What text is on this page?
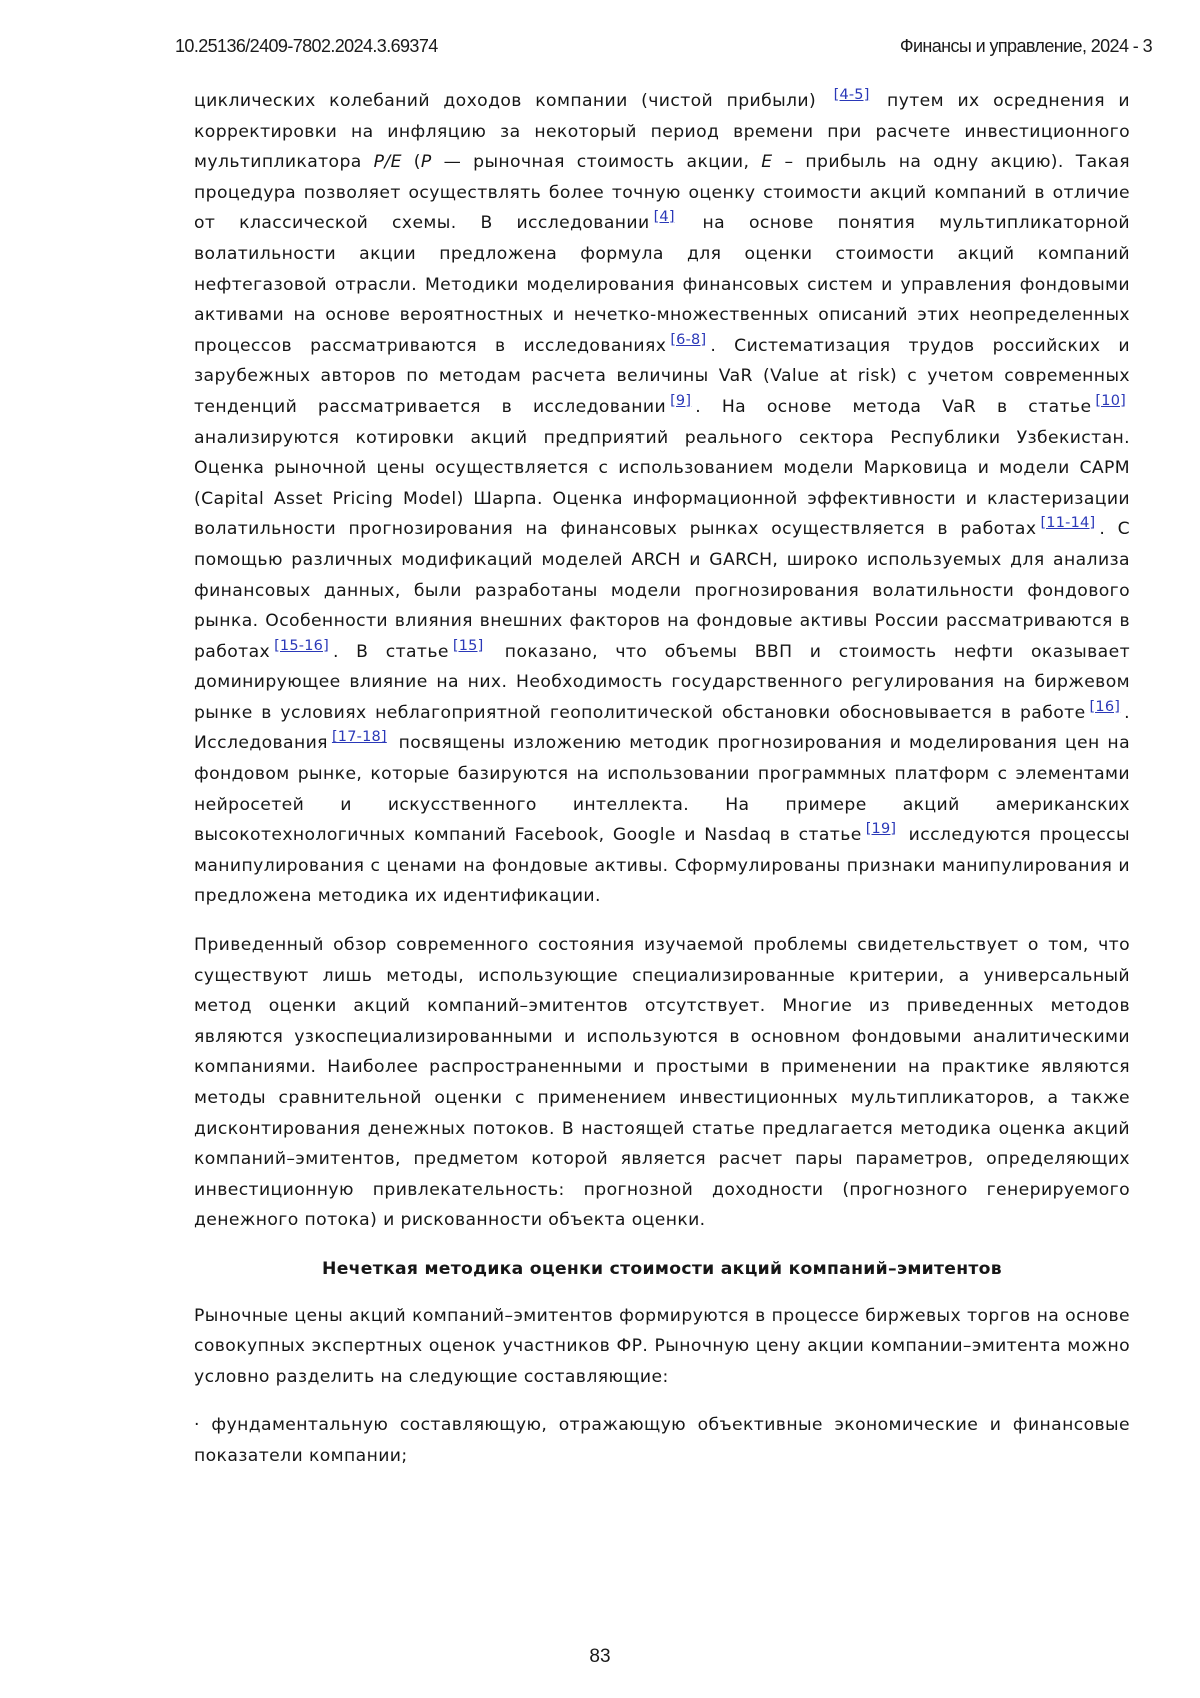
10.25136/2409-7802.2024.3.69374	Финансы и управление, 2024 - 3

циклических колебаний доходов компании (чистой прибыли) [4-5] путем их осреднения и корректировки на инфляцию за некоторый период времени при расчете инвестиционного мультипликатора P/E (P — рыночная стоимость акции, E – прибыль на одну акцию). Такая процедура позволяет осуществлять более точную оценку стоимости акций компаний в отличие от классической схемы. В исследовании [4] на основе понятия мультипликаторной волатильности акции предложена формула для оценки стоимости акций компаний нефтегазовой отрасли. Методики моделирования финансовых систем и управления фондовыми активами на основе вероятностных и нечетко-множественных описаний этих неопределенных процессов рассматриваются в исследованиях [6-8] . Систематизация трудов российских и зарубежных авторов по методам расчета величины VaR (Value at risk) с учетом современных тенденций рассматривается в исследовании [9] . На основе метода VaR в статье [10] анализируются котировки акций предприятий реального сектора Республики Узбекистан. Оценка рыночной цены осуществляется с использованием модели Марковица и модели CAPM (Capital Asset Pricing Model) Шарпа. Оценка информационной эффективности и кластеризации волатильности прогнозирования на финансовых рынках осуществляется в работах [11-14] . С помощью различных модификаций моделей ARCH и GARCH, широко используемых для анализа финансовых данных, были разработаны модели прогнозирования волатильности фондового рынка. Особенности влияния внешних факторов на фондовые активы России рассматриваются в работах [15-16] . В статье [15] показано, что объемы ВВП и стоимость нефти оказывает доминирующее влияние на них. Необходимость государственного регулирования на биржевом рынке в условиях неблагоприятной геополитической обстановки обосновывается в работе [16] . Исследования [17-18] посвящены изложению методик прогнозирования и моделирования цен на фондовом рынке, которые базируются на использовании программных платформ с элементами нейросетей и искусственного интеллекта. На примере акций американских высокотехнологичных компаний Facebook, Google и Nasdaq в статье [19] исследуются процессы манипулирования с ценами на фондовые активы. Сформулированы признаки манипулирования и предложена методика их идентификации.

Приведенный обзор современного состояния изучаемой проблемы свидетельствует о том, что существуют лишь методы, использующие специализированные критерии, а универсальный метод оценки акций компаний–эмитентов отсутствует. Многие из приведенных методов являются узкоспециализированными и используются в основном фондовыми аналитическими компаниями. Наиболее распространенными и простыми в применении на практике являются методы сравнительной оценки с применением инвестиционных мультипликаторов, а также дисконтирования денежных потоков. В настоящей статье предлагается методика оценка акций компаний–эмитентов, предметом которой является расчет пары параметров, определяющих инвестиционную привлекательность: прогнозной доходности (прогнозного генерируемого денежного потока) и рискованности объекта оценки.

Нечеткая методика оценки стоимости акций компаний–эмитентов

Рыночные цены акций компаний–эмитентов формируются в процессе биржевых торгов на основе совокупных экспертных оценок участников ФР. Рыночную цену акции компании–эмитента можно условно разделить на следующие составляющие:

· фундаментальную составляющую, отражающую объективные экономические и финансовые показатели компании;

83
